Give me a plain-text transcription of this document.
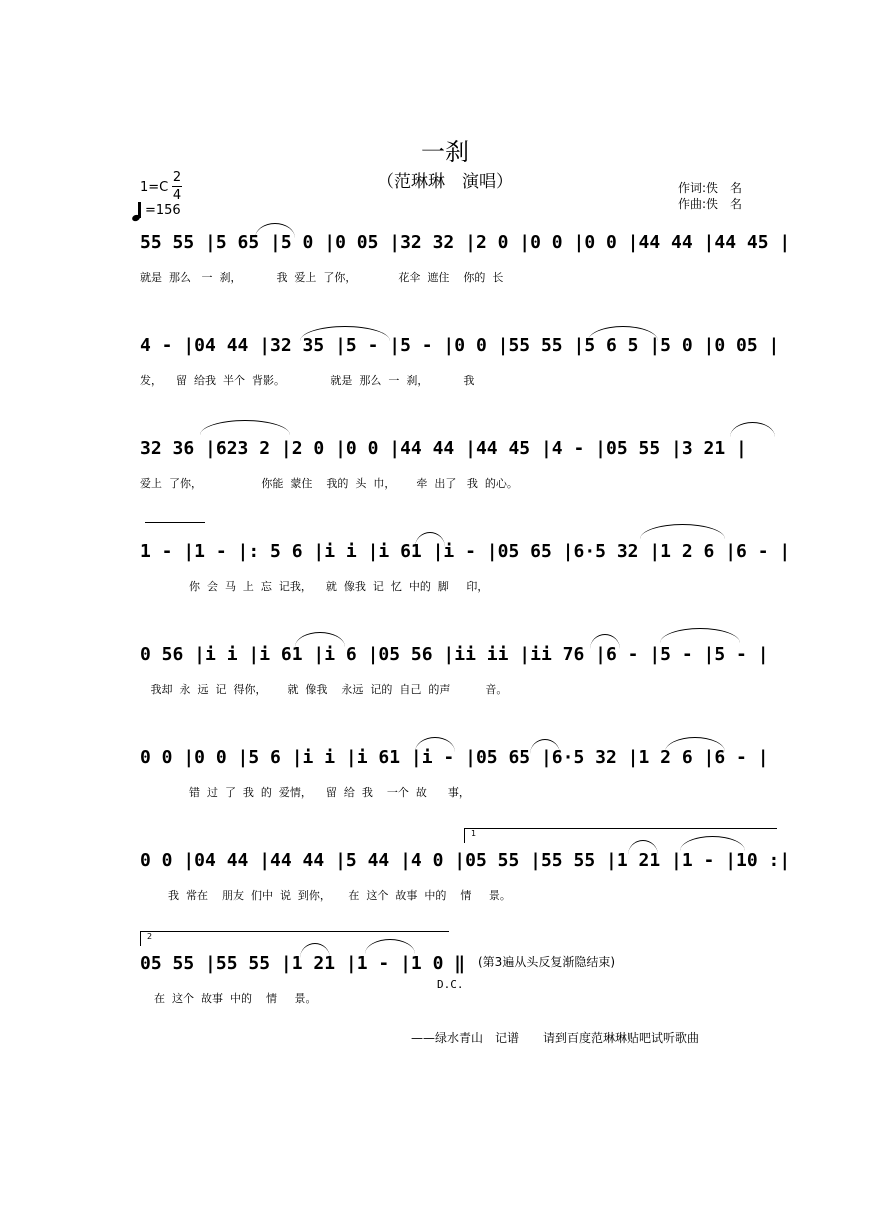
一刹
（范琳琳　演唱）	作词:佚　名
作曲:佚　名
1=C
2
4
=156
55 55 |5 65 |5 0 |0 05 |32 32 |2 0 |0 0 |0 0 |44 44 |44 45 |
就是  那么   一  刹，          我  爱上  了你，            花伞  遮住    你的  长
4 - |04 44 |32 35 |5 - |5 - |0 0 |55 55 |5 6 5 |5 0 |0 05 |
发，    留  给我  半个  背影。             就是  那么  一  刹，          我
32 36 |623 2 |2 0 |0 0 |44 44 |44 45 |4 - |05 55 |3 21 |
爱上  了你，                 你能  蒙住    我的  头  巾，      牵  出了   我  的心。
1 - |1 - |: 5 6 |i i |i 61 |i - |05 65 |6·5 32 |1 2 6 |6 - |
你  会  马  上  忘  记我，    就  像我  记  忆  中的  脚     印，
0 56 |i i |i 61 |i 6 |05 56 |ii ii |ii 76 |6 - |5 - |5 - |
我却  永  远  记  得你，      就  像我    永远  记的  自己  的声          音。
0 0 |0 0 |5 6 |i i |i 61 |i - |05 65 |6·5 32 |1 2 6 |6 - |
错  过  了  我  的  爱情，    留  给  我    一个  故      事，
0 0 |04 44 |44 44 |5 44 |4 0 |05 55 |55 55 |1 21 |1 - |10 :|
我  常在    朋友  们中  说  到你，     在  这个  故事  中的    情     景。
1
05 55 |55 55 |1 21 |1 - |1 0 ‖
在  这个  故事  中的    情     景。
2
D.C.
(第3遍从头反复渐隐结束)
——绿水青山　记谱　　请到百度范琳琳贴吧试听歌曲
